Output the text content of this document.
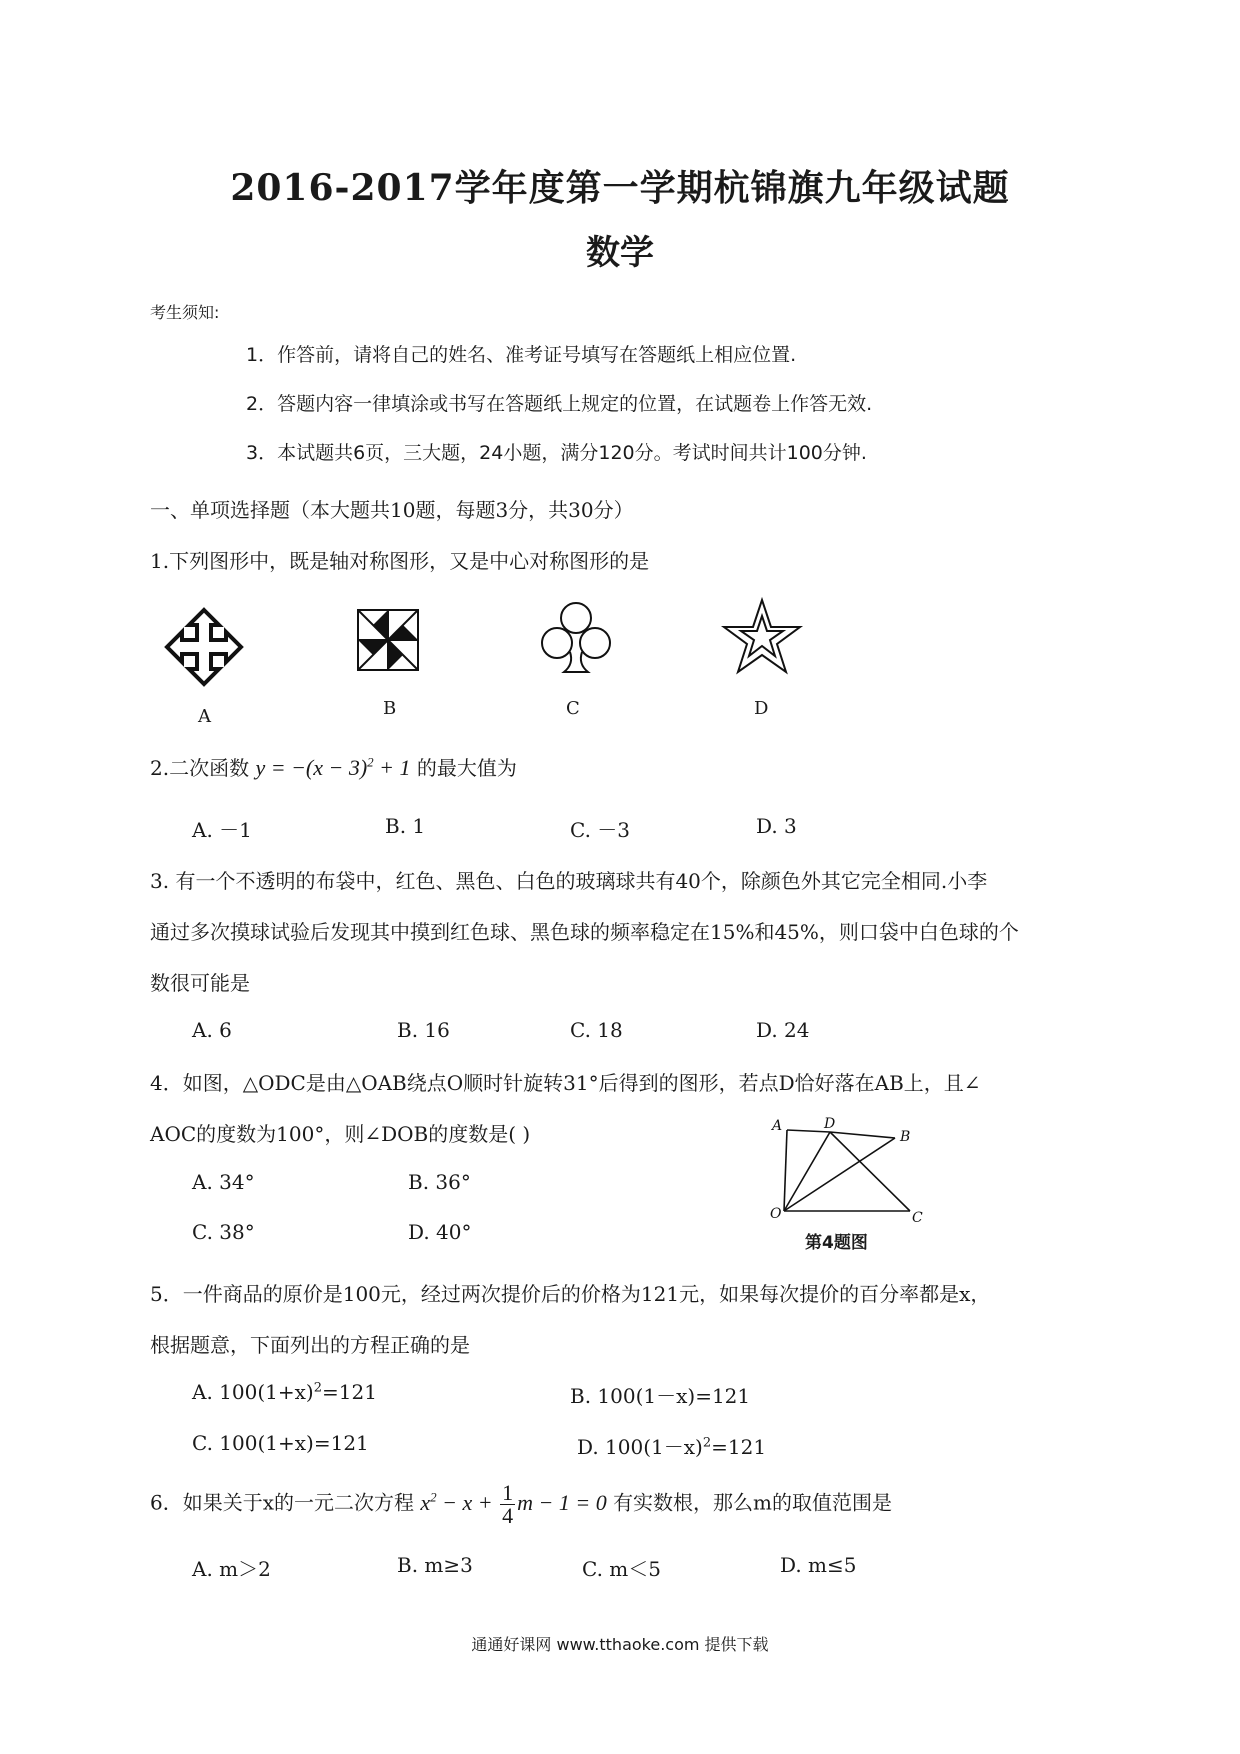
2016-2017学年度第一学期杭锦旗九年级试题
数学
考生须知:
1．作答前，请将自己的姓名、准考证号填写在答题纸上相应位置.
2．答题内容一律填涂或书写在答题纸上规定的位置，在试题卷上作答无效.
3．本试题共6页，三大题，24小题，满分120分。考试时间共计100分钟.
一、单项选择题（本大题共10题，每题3分，共30分）
1.下列图形中，既是轴对称图形，又是中心对称图形的是
A	B	C	D
2.二次函数 $y = -(x - 3)^2 + 1$ 的最大值为
A. －1	B. 1	C. －3	D. 3
3. 有一个不透明的布袋中，红色、黑色、白色的玻璃球共有40个，除颜色外其它完全相同.小李
通过多次摸球试验后发现其中摸到红色球、黑色球的频率稳定在15%和45%，则口袋中白色球的个
数很可能是
A. 6	B. 16	C. 18	D. 24
4．如图，△ODC是由△OAB绕点O顺时针旋转31°后得到的图形，若点D恰好落在AB上，且∠
AOC的度数为100°，则∠DOB的度数是( )
A. 34°	B. 36°
C. 38°	D. 40°
A	D
B
O	C
第4题图
5．一件商品的原价是100元，经过两次提价后的价格为121元，如果每次提价的百分率都是x，
根据题意，下面列出的方程正确的是
A. $100(1+x)^2=121$	B. 100(1－x)=121
C. 100(1+x)=121	D. $100(1-x)^2=121$
6．如果关于x的一元二次方程 $x^2 - x + \frac{1}{4}$ m − 1 = 0 有实数根，那么m的取值范围是
A. m＞2	B. m≥3	C. m＜5	D. m≤5
通通好课网 www.tthaoke.com 提供下载
